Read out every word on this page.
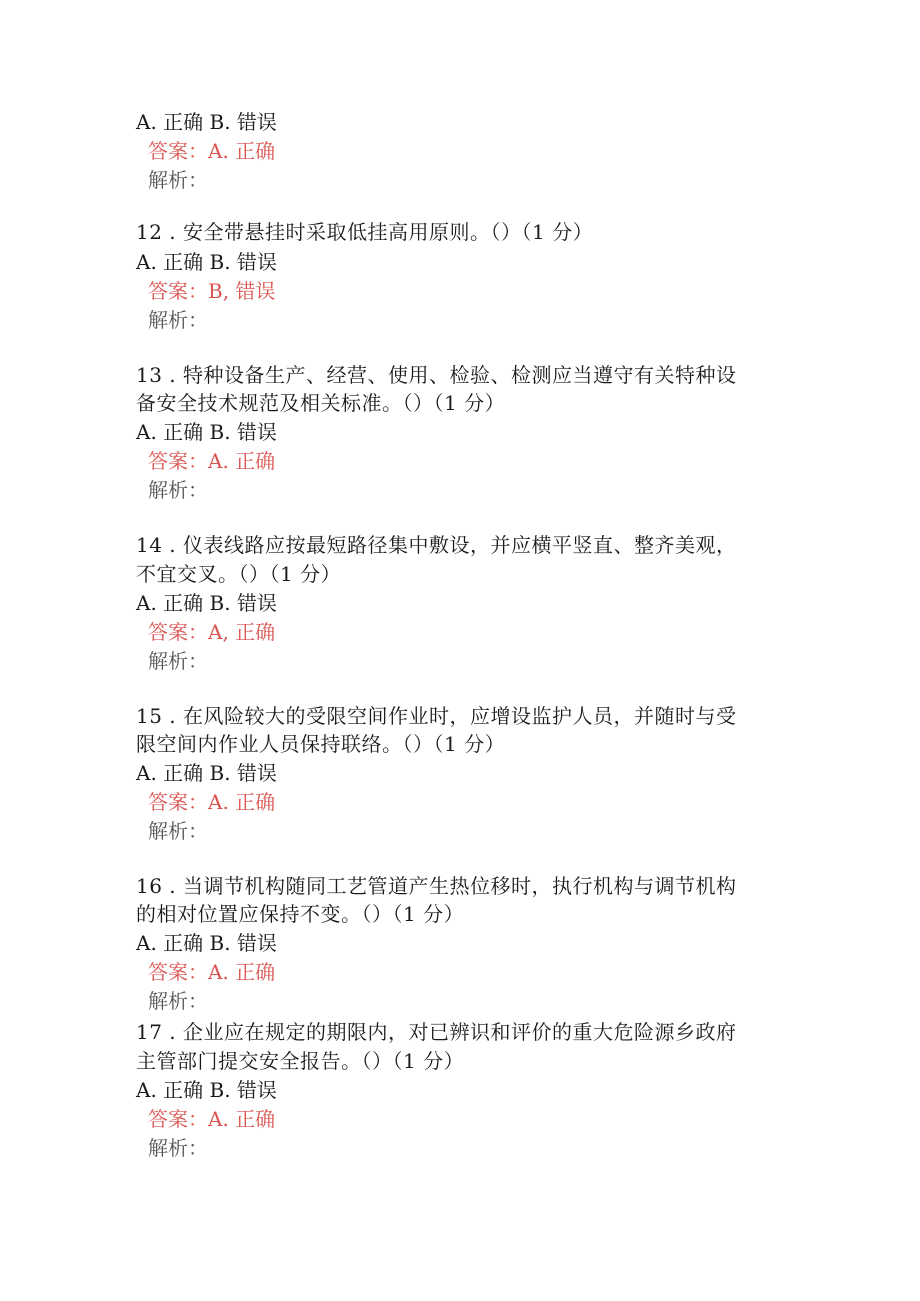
A. 正确 B. 错误
答案：A. 正确
解析：
12 . 安全带悬挂时采取低挂高用原则。（）（1 分）
A. 正确 B. 错误
答案：B, 错误
解析：
13 . 特种设备生产、经营、使用、检验、检测应当遵守有关特种设
备安全技术规范及相关标准。（）（1 分）
A. 正确 B. 错误
答案：A. 正确
解析：
14 . 仪表线路应按最短路径集中敷设，并应横平竖直、整齐美观，
不宜交叉。（）（1 分）
A. 正确 B. 错误
答案：A, 正确
解析：
15 . 在风险较大的受限空间作业时，应增设监护人员，并随时与受
限空间内作业人员保持联络。（）（1 分）
A. 正确 B. 错误
答案：A. 正确
解析：
16 . 当调节机构随同工艺管道产生热位移时，执行机构与调节机构
的相对位置应保持不变。（）（1 分）
A. 正确 B. 错误
答案：A. 正确
解析：
17 . 企业应在规定的期限内，对已辨识和评价的重大危险源乡政府
主管部门提交安全报告。（）（1 分）
A. 正确 B. 错误
答案：A. 正确
解析：
